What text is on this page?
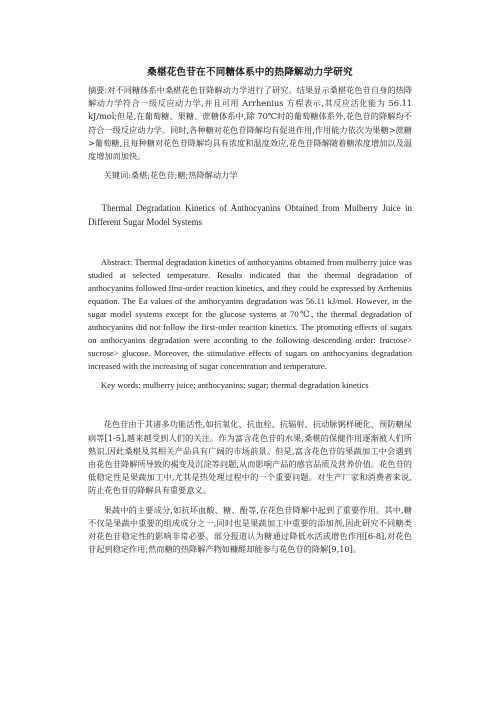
桑椹花色苷在不同糖体系中的热降解动力学研究

摘要:对不同糖体系中桑椹花色苷降解动力学进行了研究。结果显示桑椹花色苷自身的热降解动力学符合一级反应动力学,并且可用 Arrhenius 方程表示,其反应活化能为 56.11 kJ/mol;但是,在葡萄糖、果糖、蔗糖体系中,除 70℃时的葡萄糖体系外,花色苷的降解均不符合一级反应动力学。同时,各种糖对花色苷降解均有促进作用,作用能力依次为果糖>蔗糖>葡萄糖,且每种糖对花色苷降解均具有浓度和温度效应,花色苷降解随着糖浓度增加以及温度增加而加快。

关键词:桑椹;花色苷;糖;热降解动力学

Thermal Degradation Kinetics of Anthocyanins Obtained from Mulberry Juice in Different Sugar Model Systems

Abstract: Thermal degradation kinetics of anthocyanins obtained from mulberry juice was studied at selected temperature. Results indicated that the thermal degradation of anthocyanins followed first-order reaction kinetics, and they could be expressed by Arrhenius equation. The Ea values of the anthocyanins degradation was 56.11 kJ/mol. However, in the sugar model systems except for the glucose systems at 70℃, the thermal degradation of anthocyanins did not follow the first-order reaction kinetics. The promoting effects of sugars on anthocyanins degradation were according to the following descending order: fructose> sucrose> glucose. Moreover, the stimulative effects of sugars on anthocyanins degradation increased with the increasing of sugar concentration and temperature.

Key words: mulberry juice; anthocyanins; sugar; thermal degradation kinetics

花色苷由于其诸多功能活性,如抗氧化、抗血栓、抗辐射、抗动脉粥样硬化、预防糖尿病等[1-5],越来越受到人们的关注。作为富含花色苷的水果,桑椹的保健作用逐渐被人们所熟识,因此桑椹及其相关产品具有广阔的市场前景。但是,富含花色苷的果蔬加工中会遇到由花色苷降解所导致的褐变及沉淀等问题,从而影响产品的感官品质及营养价值。花色苷的低稳定性是果蔬加工中,尤其是热处理过程中的一个重要问题。对生产厂家和消费者来说,防止花色苷的降解具有重要意义。

果蔬中的主要成分,如抗坏血酸、糖、酚等,在花色苷降解中起到了重要作用。其中,糖不仅是果蔬中重要的组成成分之一,同时也是果蔬加工中重要的添加剂,因此研究不同糖类对花色苷稳定性的影响非常必要。部分报道认为糖通过降低水活或增色作用[6-8],对花色苷起到稳定作用;然而糖的热降解产物如糠醛却能参与花色苷的降解[9,10]。
